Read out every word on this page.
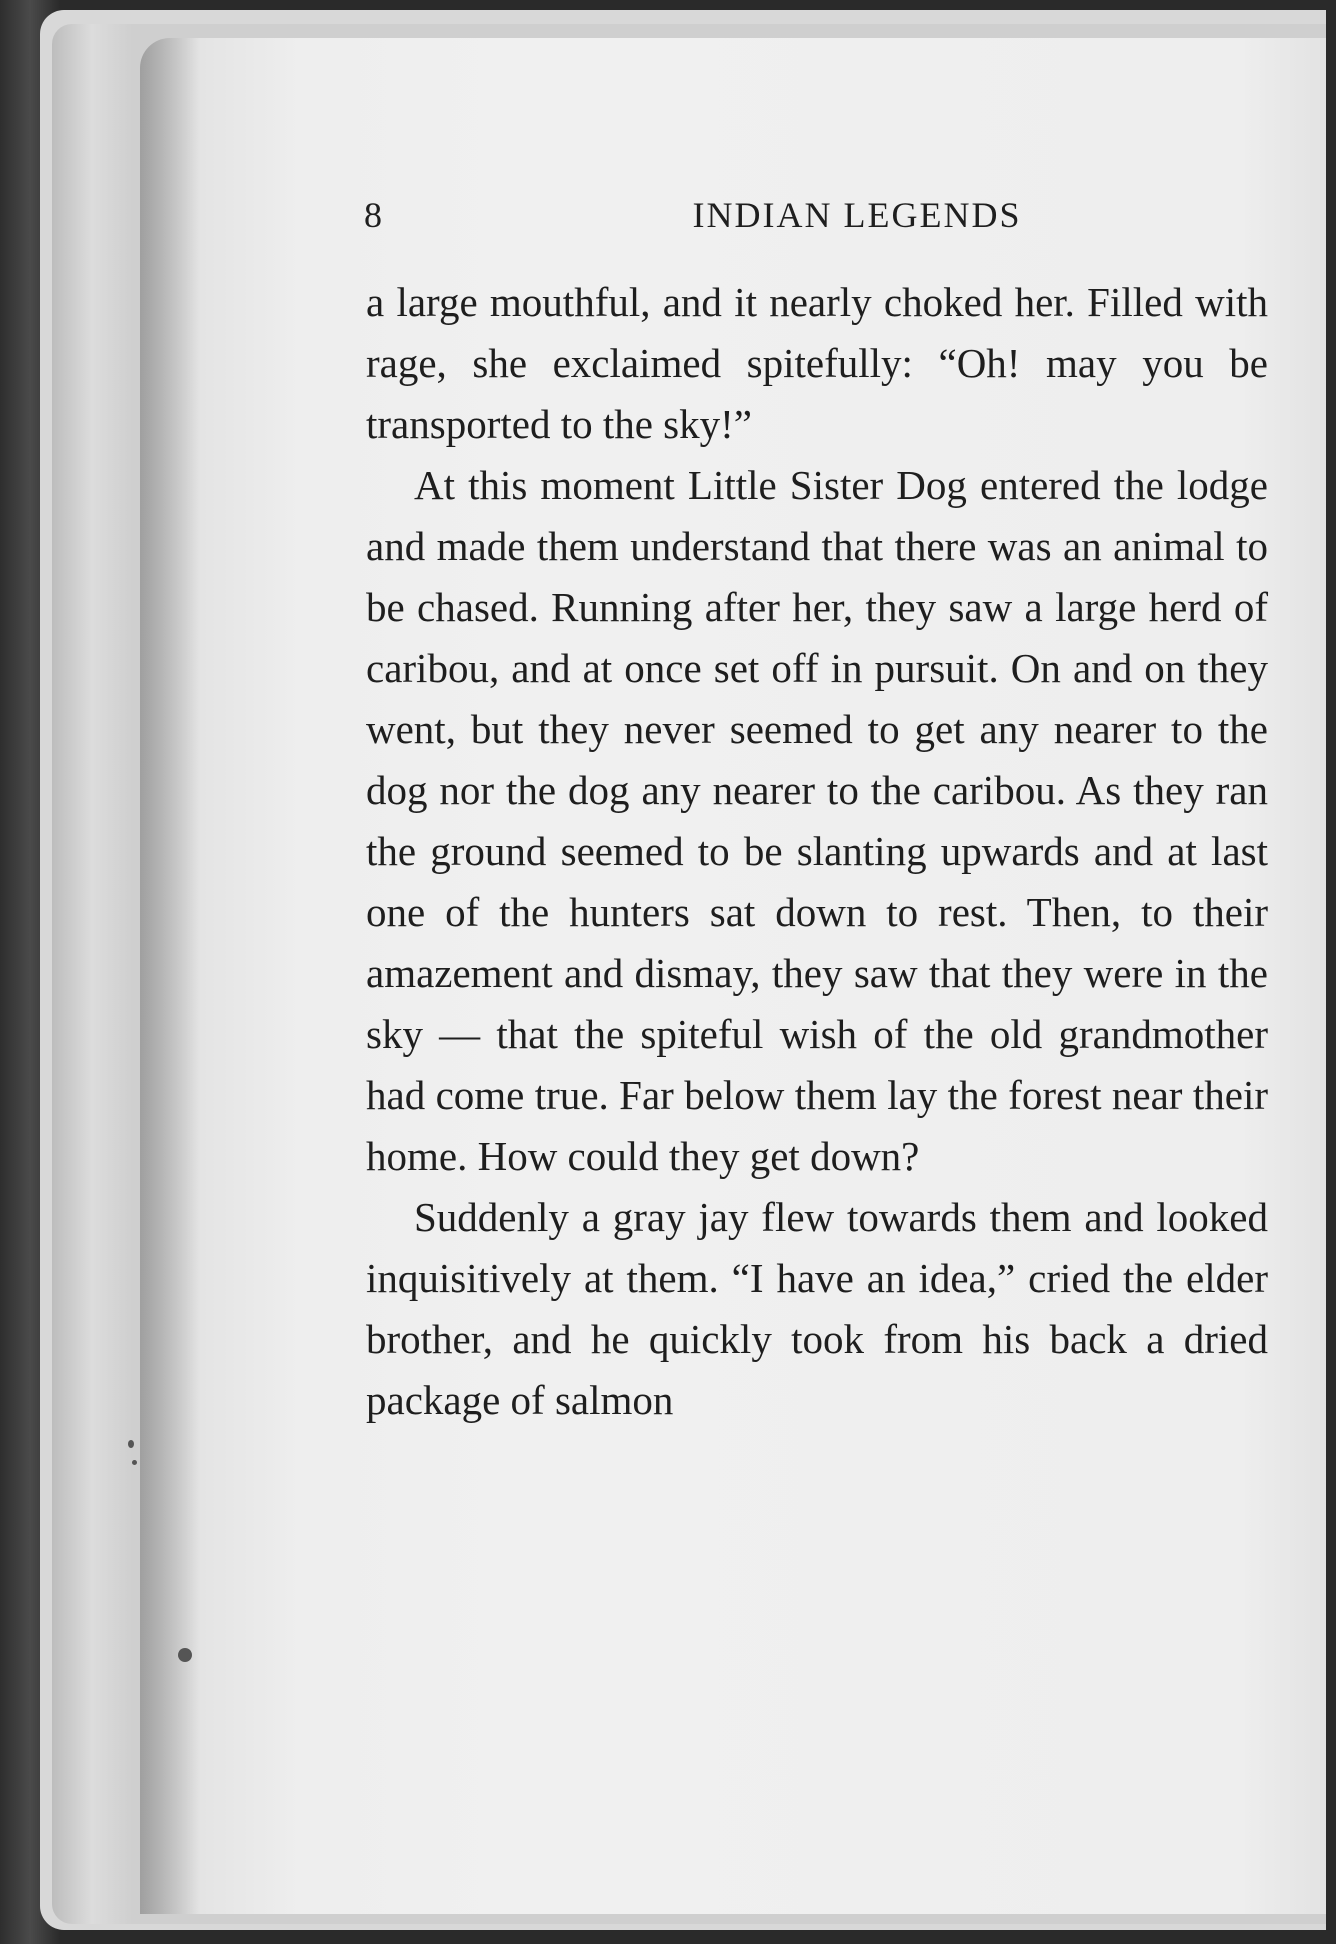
8	INDIAN LEGENDS

a large mouthful, and it nearly choked her. Filled with rage, she exclaimed spitefully: “Oh! may you be transported to the sky!”

At this moment Little Sister Dog entered the lodge and made them understand that there was an animal to be chased. Running after her, they saw a large herd of caribou, and at once set off in pursuit. On and on they went, but they never seemed to get any nearer to the dog nor the dog any nearer to the caribou. As they ran the ground seemed to be slanting upwards and at last one of the hunters sat down to rest. Then, to their amazement and dismay, they saw that they were in the sky — that the spiteful wish of the old grandmother had come true. Far below them lay the forest near their home. How could they get down?

Suddenly a gray jay flew towards them and looked inquisitively at them. “I have an idea,” cried the elder brother, and he quickly took from his back a dried package of salmon
